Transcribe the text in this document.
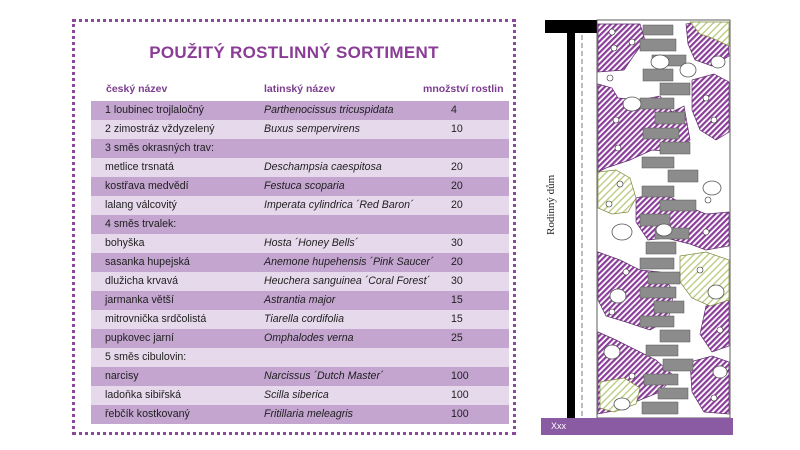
POUŽITÝ ROSTLINNÝ SORTIMENT
český název	latinský název	množství rostlin
1 loubinec trojlaločný	Parthenocissus tricuspidata	4
2 zimostráz vždyzelený	Buxus sempervirens	10
3 směs okrasných trav:
metlice trsnatá	Deschampsia caespitosa	20
kostřava medvědí	Festuca scoparia	20
lalang válcovitý	Imperata cylindrica ´Red Baron´	20
4 směs trvalek:
bohyška	Hosta ´Honey Bells´	30
sasanka hupejská	Anemone hupehensis ´Pink Saucer´ 20
dlužicha krvavá	Heuchera sanguinea ´Coral Forest´ 30
jarmanka větší	Astrantia major	15
mitrovnička srdčolistá	Tiarella cordifolia	15
pupkovec jarní	Omphalodes verna	25
5 směs cibulovin:
narcisy	Narcissus ´Dutch Master´	100
ladoňka sibiřská	Scilla siberica	100
řebčík kostkovaný	Fritillaria meleagris	100
Rodinný dům
Xxx
